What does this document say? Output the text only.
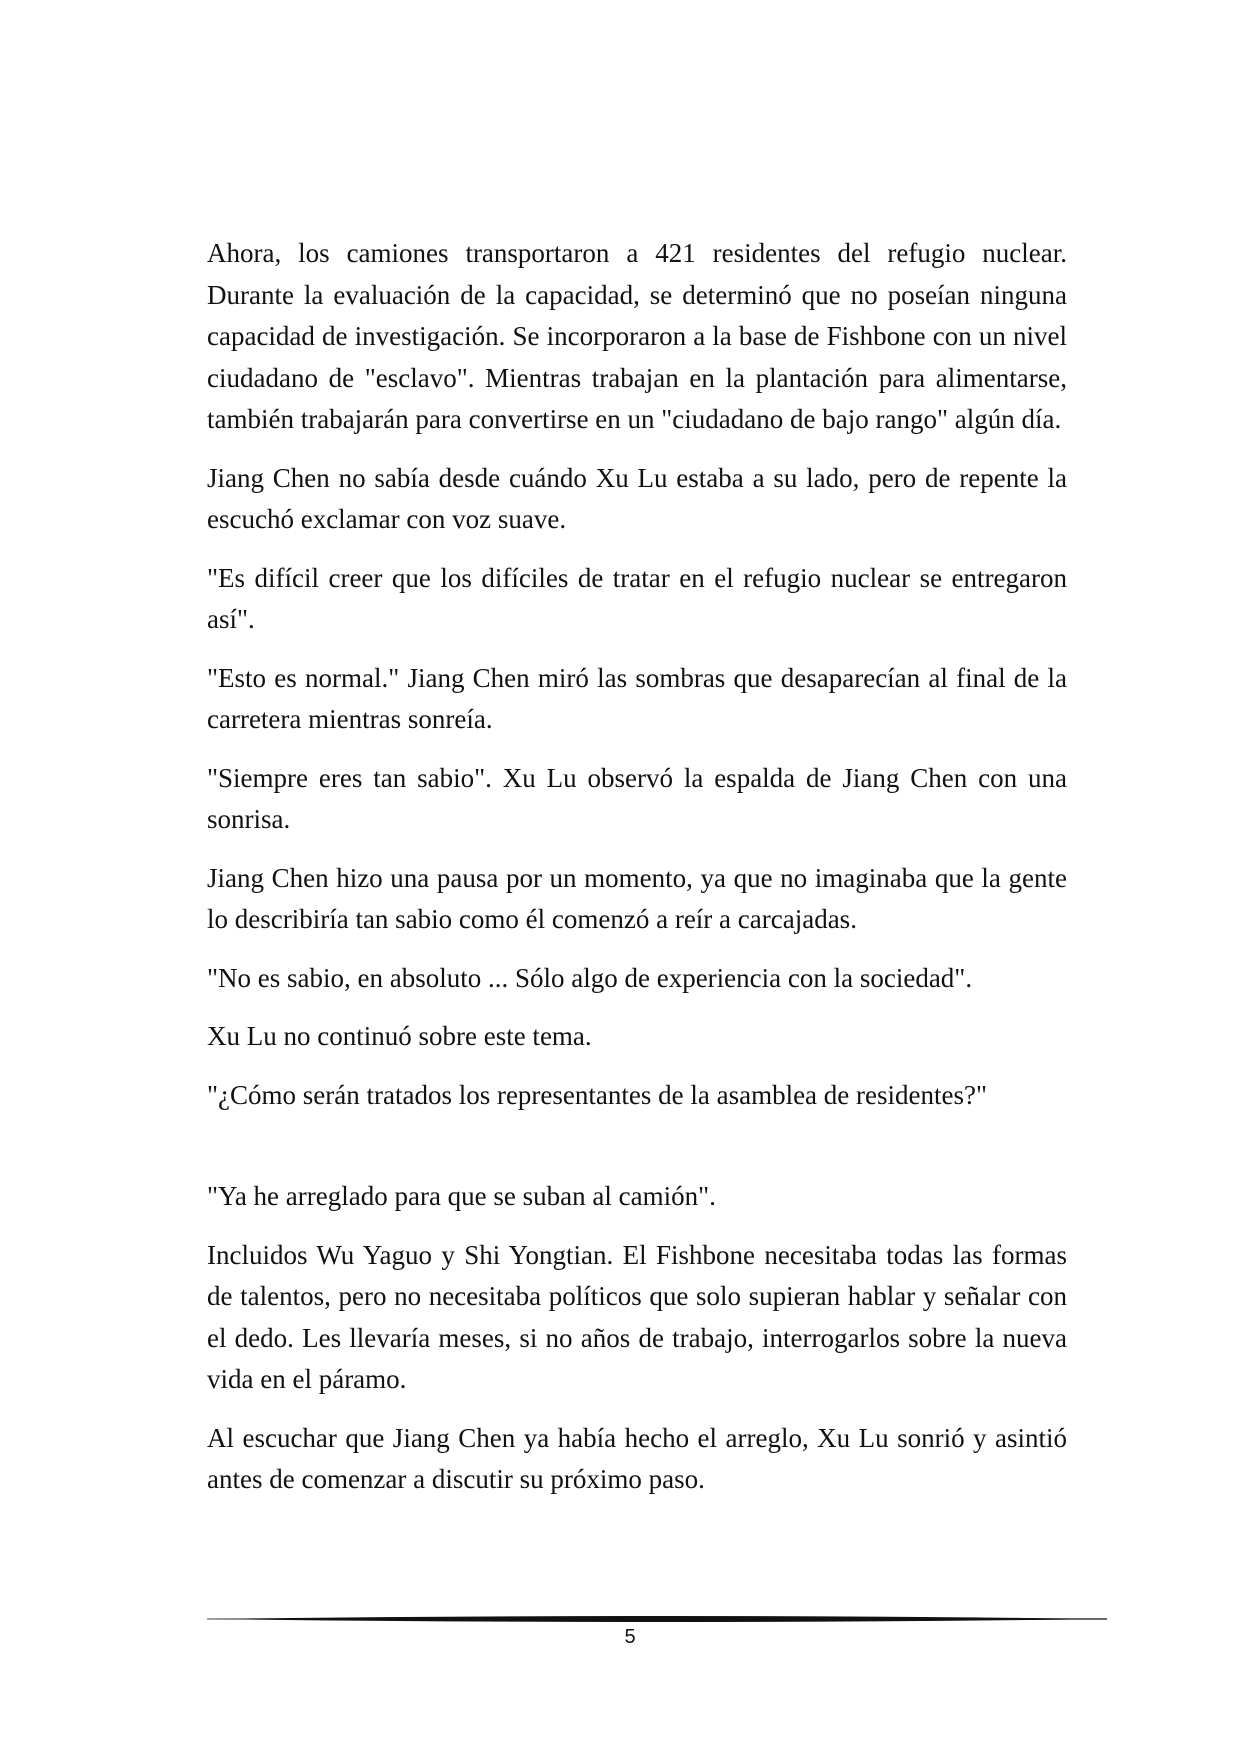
Ahora, los camiones transportaron a 421 residentes del refugio nuclear. Durante la evaluación de la capacidad, se determinó que no poseían ninguna capacidad de investigación. Se incorporaron a la base de Fishbone con un nivel ciudadano de "esclavo". Mientras trabajan en la plantación para alimentarse, también trabajarán para convertirse en un "ciudadano de bajo rango" algún día.

Jiang Chen no sabía desde cuándo Xu Lu estaba a su lado, pero de repente la escuchó exclamar con voz suave.

"Es difícil creer que los difíciles de tratar en el refugio nuclear se entregaron así".

"Esto es normal." Jiang Chen miró las sombras que desaparecían al final de la carretera mientras sonreía.

"Siempre eres tan sabio". Xu Lu observó la espalda de Jiang Chen con una sonrisa.

Jiang Chen hizo una pausa por un momento, ya que no imaginaba que la gente lo describiría tan sabio como él comenzó a reír a carcajadas.

"No es sabio, en absoluto ... Sólo algo de experiencia con la sociedad".

Xu Lu no continuó sobre este tema.

"¿Cómo serán tratados los representantes de la asamblea de residentes?"

"Ya he arreglado para que se suban al camión".

Incluidos Wu Yaguo y Shi Yongtian. El Fishbone necesitaba todas las formas de talentos, pero no necesitaba políticos que solo supieran hablar y señalar con el dedo. Les llevaría meses, si no años de trabajo, interrogarlos sobre la nueva vida en el páramo.

Al escuchar que Jiang Chen ya había hecho el arreglo, Xu Lu sonrió y asintió antes de comenzar a discutir su próximo paso.

5
